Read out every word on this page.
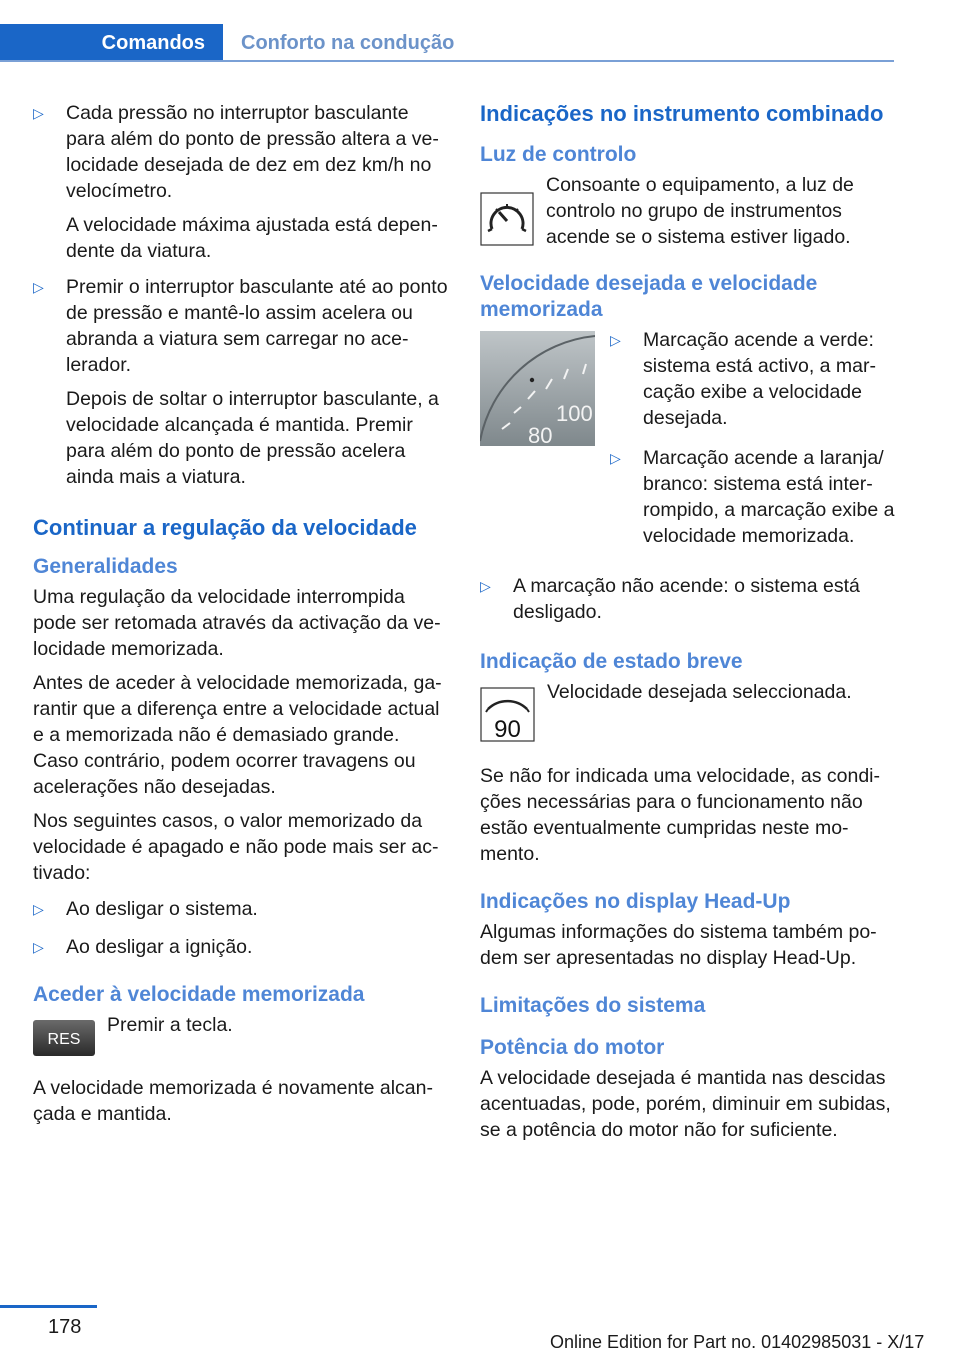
Comandos	Conforto na condução
▷ Cada pressão no interruptor basculante para além do ponto de pressão altera a velocidade desejada de dez em dez km/h no velocímetro.

A velocidade máxima ajustada está dependente da viatura.

▷ Premir o interruptor basculante até ao ponto de pressão e mantê-lo assim acelera ou abranda a viatura sem carregar no acelerador.

Depois de soltar o interruptor basculante, a velocidade alcançada é mantida. Premir para além do ponto de pressão acelera ainda mais a viatura.

Continuar a regulação da velocidade
Generalidades

Uma regulação da velocidade interrompida pode ser retomada através da activação da velocidade memorizada.

Antes de aceder à velocidade memorizada, garantir que a diferença entre a velocidade actual e a memorizada não é demasiado grande. Caso contrário, podem ocorrer travagens ou acelerações não desejadas.

Nos seguintes casos, o valor memorizado da velocidade é apagado e não pode mais ser activado:

▷ Ao desligar o sistema.

▷ Ao desligar a ignição.

Aceder à velocidade memorizada
RES
Premir a tecla.

A velocidade memorizada é novamente alcançada e mantida.

Indicações no instrumento combinado
Luz de controlo
Consoante o equipamento, a luz de controlo no grupo de instrumentos acende se o sistema estiver ligado.
Velocidade desejada e velocidade memorizada
100
80
▷ Marcação acende a verde: sistema está activo, a marcação exibe a velocidade desejada.

▷ Marcação acende a laranja/ branco: sistema está interrompido, a marcação exibe a velocidade memorizada.

▷ A marcação não acende: o sistema está desligado.

Indicação de estado breve
90
Velocidade desejada seleccionada.

Se não for indicada uma velocidade, as condições necessárias para o funcionamento não estão eventualmente cumpridas neste momento.

Indicações no display Head-Up

Algumas informações do sistema também podem ser apresentadas no display Head-Up.

Limitações do sistema
Potência do motor

A velocidade desejada é mantida nas descidas acentuadas, pode, porém, diminuir em subidas, se a potência do motor não for suficiente.

178
Online Edition for Part no. 01402985031 - X/17
